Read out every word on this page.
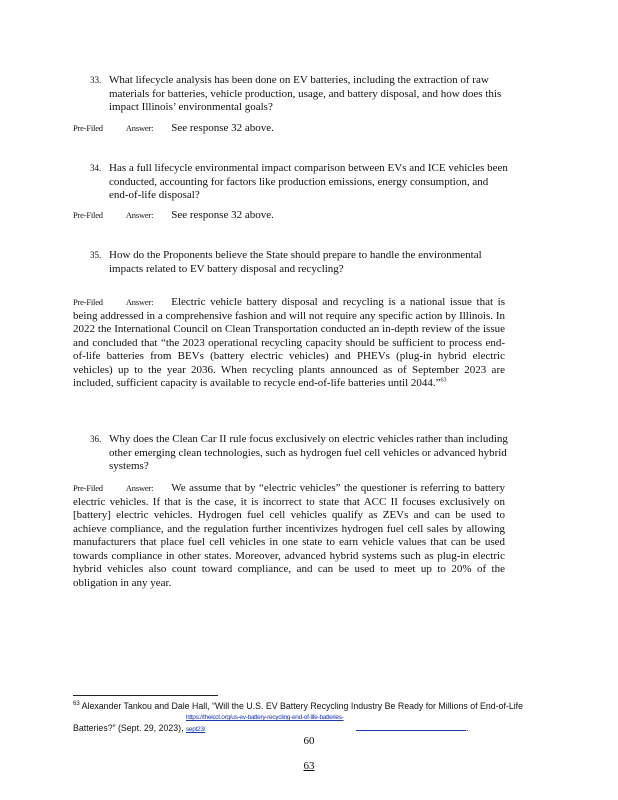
33. What lifecycle analysis has been done on EV batteries, including the extraction of raw materials for batteries, vehicle production, usage, and battery disposal, and how does this impact Illinois’ environmental goals?
Pre-Filed	Answer: See response 32 above.
34. Has a full lifecycle environmental impact comparison between EVs and ICE vehicles been conducted, accounting for factors like production emissions, energy consumption, and end-of-life disposal?
Pre-Filed	Answer: See response 32 above.
35. How do the Proponents believe the State should prepare to handle the environmental impacts related to EV battery disposal and recycling?
Pre-Filed	Answer: Electric vehicle battery disposal and recycling is a national issue that is being addressed in a comprehensive fashion and will not require any specific action by Illinois. In 2022 the International Council on Clean Transportation conducted an in-depth review of the issue and concluded that “the 2023 operational recycling capacity should be sufficient to process end-of-life batteries from BEVs (battery electric vehicles) and PHEVs (plug-in hybrid electric vehicles) up to the year 2036. When recycling plants announced as of September 2023 are included, sufficient capacity is available to recycle end-of-life batteries until 2044.”$^{63}$
36. Why does the Clean Car II rule focus exclusively on electric vehicles rather than including other emerging clean technologies, such as hydrogen fuel cell vehicles or advanced hybrid systems?
Pre-Filed	Answer: We assume that by “electric vehicles” the questioner is referring to battery electric vehicles. If that is the case, it is incorrect to state that ACC II focuses exclusively on [battery] electric vehicles. Hydrogen fuel cell vehicles qualify as ZEVs and can be used to achieve compliance, and the regulation further incentivizes hydrogen fuel cell sales by allowing manufacturers that place fuel cell vehicles in one state to earn vehicle values that can be used towards compliance in other states. Moreover, advanced hybrid systems such as plug-in electric hybrid vehicles also count toward compliance, and can be used to meet up to 20% of the obligation in any year.
$^{63}$ Alexander Tankou and Dale Hall, “Will the U.S. EV Battery Recycling Industry Be Ready for Millions of End-of-Life Batteries?” (Sept. 29, 2023), https://theicct.org/us-ev-battery-recycling-end-of-life-batteries-sept23/	.
60
63
